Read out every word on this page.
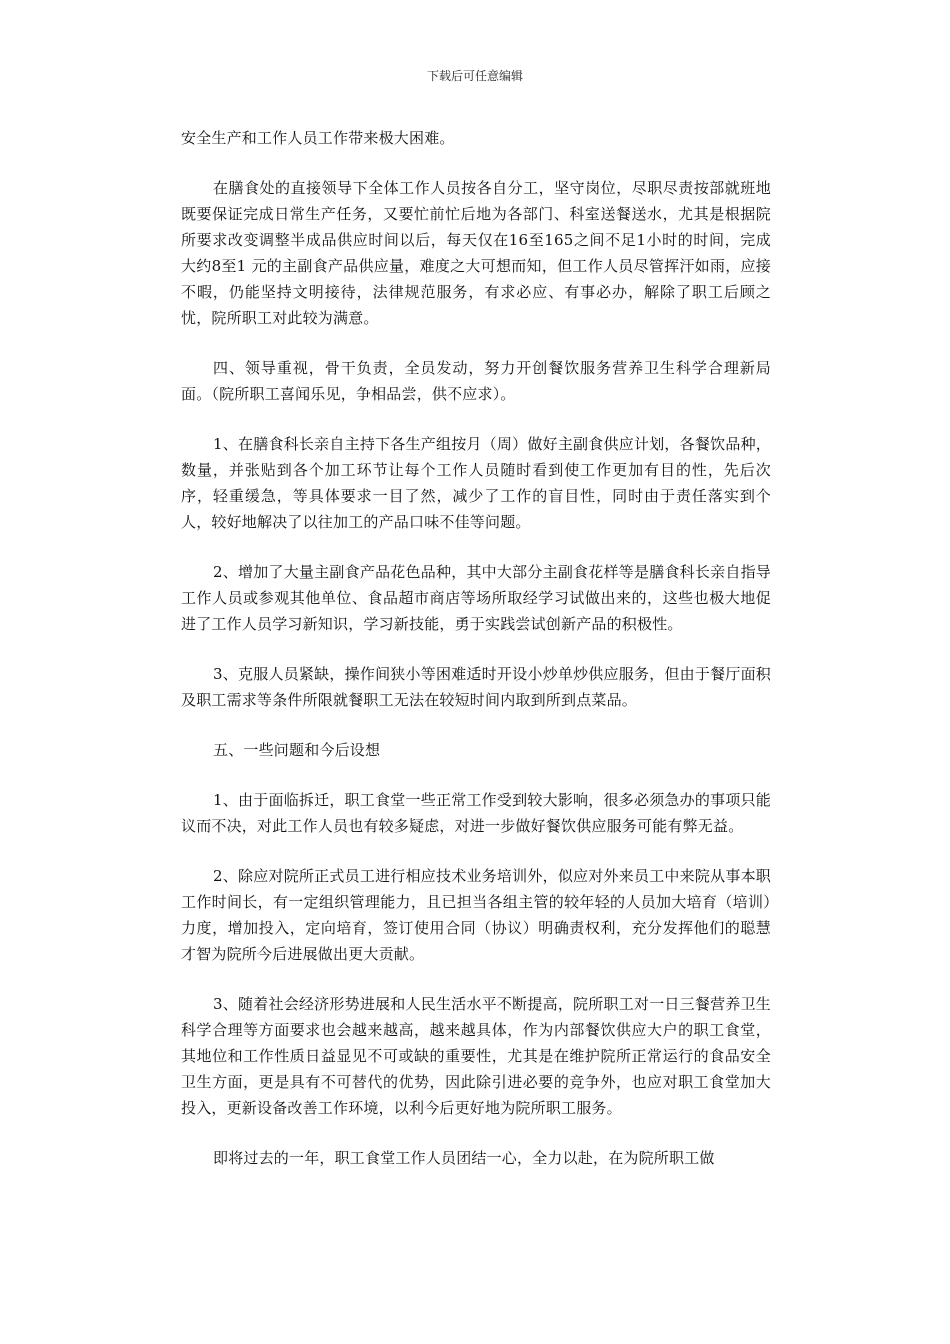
下载后可任意编辑

安全生产和工作人员工作带来极大困难。

在膳食处的直接领导下全体工作人员按各自分工，坚守岗位，尽职尽责按部就班地既要保证完成日常生产任务，又要忙前忙后地为各部门、科室送餐送水，尤其是根据院所要求改变调整半成品供应时间以后，每天仅在16至165之间不足1小时的时间，完成大约8至1 元的主副食产品供应量，难度之大可想而知，但工作人员尽管挥汗如雨，应接不暇，仍能坚持文明接待，法律规范服务，有求必应、有事必办，解除了职工后顾之忧，院所职工对此较为满意。

四、领导重视，骨干负责，全员发动，努力开创餐饮服务营养卫生科学合理新局面。（院所职工喜闻乐见，争相品尝，供不应求）。

1、在膳食科长亲自主持下各生产组按月（周）做好主副食供应计划，各餐饮品种，数量，并张贴到各个加工环节让每个工作人员随时看到使工作更加有目的性，先后次序，轻重缓急，等具体要求一目了然，减少了工作的盲目性，同时由于责任落实到个人，较好地解决了以往加工的产品口味不佳等问题。

2、增加了大量主副食产品花色品种，其中大部分主副食花样等是膳食科长亲自指导工作人员或参观其他单位、食品超市商店等场所取经学习试做出来的，这些也极大地促进了工作人员学习新知识，学习新技能，勇于实践尝试创新产品的积极性。

3、克服人员紧缺，操作间狭小等困难适时开设小炒单炒供应服务，但由于餐厅面积及职工需求等条件所限就餐职工无法在较短时间内取到所到点菜品。

五、一些问题和今后设想

1、由于面临拆迁，职工食堂一些正常工作受到较大影响，很多必须急办的事项只能议而不决，对此工作人员也有较多疑虑，对进一步做好餐饮供应服务可能有弊无益。

2、除应对院所正式员工进行相应技术业务培训外，似应对外来员工中来院从事本职工作时间长，有一定组织管理能力，且已担当各组主管的较年轻的人员加大培育（培训）力度，增加投入，定向培育，签订使用合同（协议）明确责权利，充分发挥他们的聪慧才智为院所今后进展做出更大贡献。

3、随着社会经济形势进展和人民生活水平不断提高，院所职工对一日三餐营养卫生科学合理等方面要求也会越来越高，越来越具体，作为内部餐饮供应大户的职工食堂，其地位和工作性质日益显见不可或缺的重要性，尤其是在维护院所正常运行的食品安全卫生方面，更是具有不可替代的优势，因此除引进必要的竞争外，也应对职工食堂加大投入，更新设备改善工作环境，以利今后更好地为院所职工服务。

即将过去的一年，职工食堂工作人员团结一心，全力以赴，在为院所职工做
